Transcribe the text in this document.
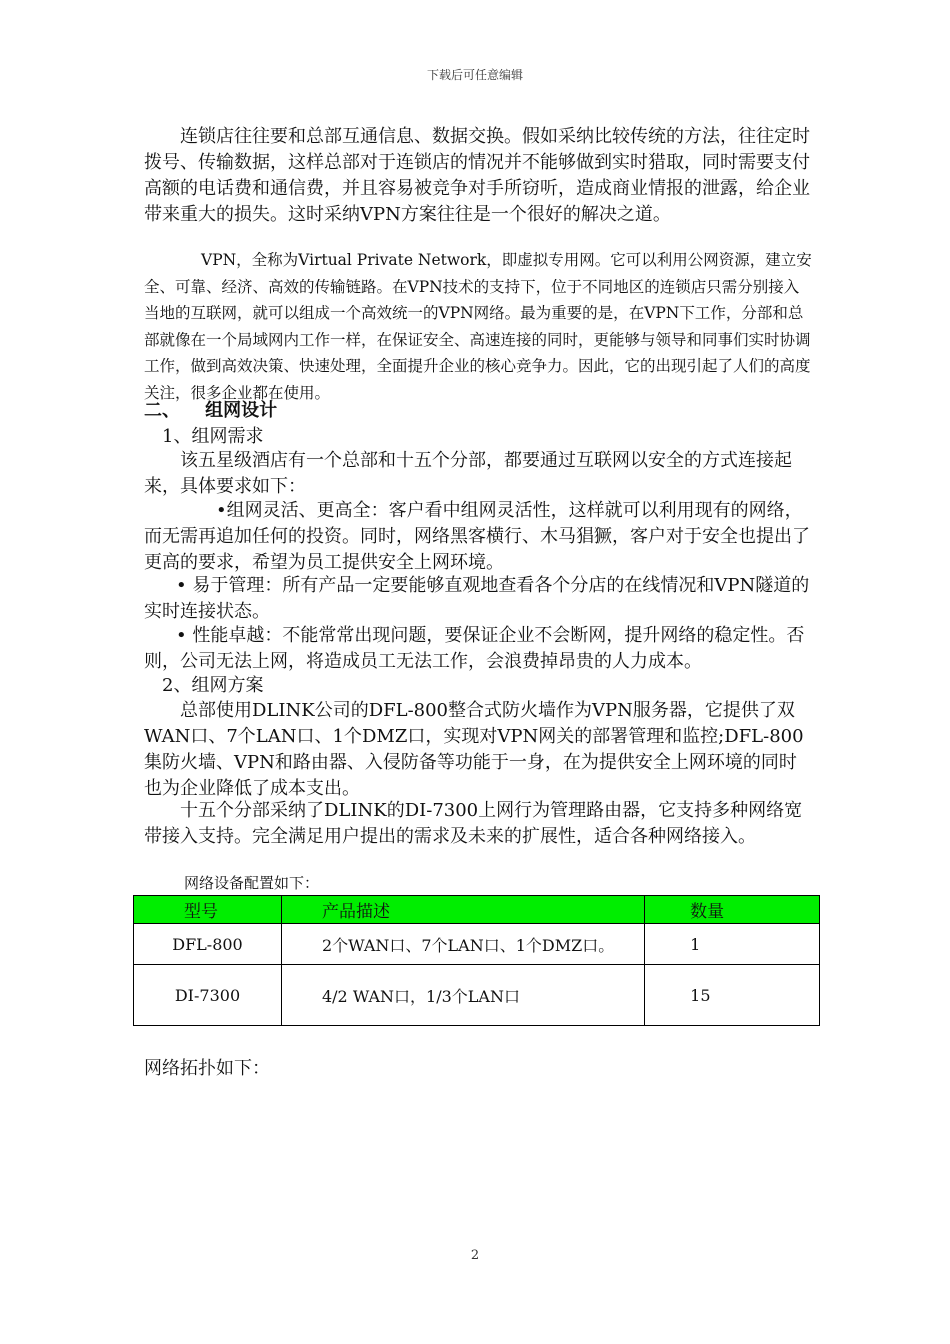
下载后可任意编辑

连锁店往往要和总部互通信息、数据交换。假如采纳比较传统的方法，往往定时拨号、传输数据，这样总部对于连锁店的情况并不能够做到实时猎取，同时需要支付高额的电话费和通信费，并且容易被竞争对手所窃听，造成商业情报的泄露，给企业带来重大的损失。这时采纳VPN方案往往是一个很好的解决之道。

VPN，全称为Virtual Private Network，即虚拟专用网。它可以利用公网资源，建立安全、可靠、经济、高效的传输链路。在VPN技术的支持下，位于不同地区的连锁店只需分别接入当地的互联网，就可以组成一个高效统一的VPN网络。最为重要的是，在VPN下工作，分部和总部就像在一个局域网内工作一样，在保证安全、高速连接的同时，更能够与领导和同事们实时协调工作，做到高效决策、快速处理，全面提升企业的核心竞争力。因此，它的出现引起了人们的高度关注，很多企业都在使用。

二、    组网设计

1、组网需求

该五星级酒店有一个总部和十五个分部，都要通过互联网以安全的方式连接起来，具体要求如下：

•组网灵活、更高全：客户看中组网灵活性，这样就可以利用现有的网络，而无需再追加任何的投资。同时，网络黑客横行、木马猖獗，客户对于安全也提出了更高的要求，希望为员工提供安全上网环境。

• 易于管理：所有产品一定要能够直观地查看各个分店的在线情况和VPN隧道的实时连接状态。

• 性能卓越：不能常常出现问题，要保证企业不会断网，提升网络的稳定性。否则，公司无法上网，将造成员工无法工作，会浪费掉昂贵的人力成本。

2、组网方案

总部使用DLINK公司的DFL-800整合式防火墙作为VPN服务器，它提供了双WAN口、7个LAN口、1个DMZ口，实现对VPN网关的部署管理和监控;DFL-800集防火墙、VPN和路由器、入侵防备等功能于一身，在为提供安全上网环境的同时也为企业降低了成本支出。

十五个分部采纳了DLINK的DI-7300上网行为管理路由器，它支持多种网络宽带接入支持。完全满足用户提出的需求及未来的扩展性，适合各种网络接入。

网络设备配置如下：

型号	产品描述	数量
DFL-800	2个WAN口、7个LAN口、1个DMZ口。	1
DI-7300	4/2 WAN口，1/3个LAN口	15

网络拓扑如下：

2
